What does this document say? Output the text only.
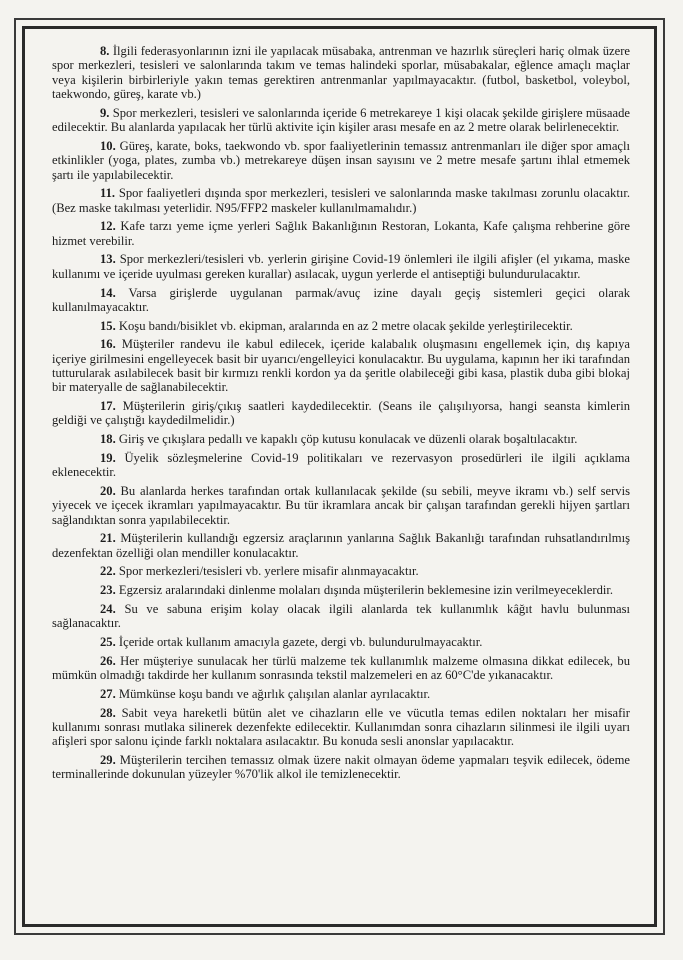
8. İlgili federasyonlarının izni ile yapılacak müsabaka, antrenman ve hazırlık süreçleri hariç olmak üzere spor merkezleri, tesisleri ve salonlarında takım ve temas halindeki sporlar, müsabakalar, eğlence amaçlı maçlar veya kişilerin birbirleriyle yakın temas gerektiren antrenmanlar yapılmayacaktır. (futbol, basketbol, voleybol, taekwondo, güreş, karate vb.)

9. Spor merkezleri, tesisleri ve salonlarında içeride 6 metrekareye 1 kişi olacak şekilde girişlere müsaade edilecektir. Bu alanlarda yapılacak her türlü aktivite için kişiler arası mesafe en az 2 metre olarak belirlenecektir.

10. Güreş, karate, boks, taekwondo vb. spor faaliyetlerinin temassız antrenmanları ile diğer spor amaçlı etkinlikler (yoga, plates, zumba vb.) metrekareye düşen insan sayısını ve 2 metre mesafe şartını ihlal etmemek şartı ile yapılabilecektir.

11. Spor faaliyetleri dışında spor merkezleri, tesisleri ve salonlarında maske takılması zorunlu olacaktır. (Bez maske takılması yeterlidir. N95/FFP2 maskeler kullanılmamalıdır.)

12. Kafe tarzı yeme içme yerleri Sağlık Bakanlığının Restoran, Lokanta, Kafe çalışma rehberine göre hizmet verebilir.

13. Spor merkezleri/tesisleri vb. yerlerin girişine Covid-19 önlemleri ile ilgili afişler (el yıkama, maske kullanımı ve içeride uyulması gereken kurallar) asılacak, uygun yerlerde el antiseptiği bulundurulacaktır.

14. Varsa girişlerde uygulanan parmak/avuç izine dayalı geçiş sistemleri geçici olarak kullanılmayacaktır.

15. Koşu bandı/bisiklet vb. ekipman, aralarında en az 2 metre olacak şekilde yerleştirilecektir.

16. Müşteriler randevu ile kabul edilecek, içeride kalabalık oluşmasını engellemek için, dış kapıya içeriye girilmesini engelleyecek basit bir uyarıcı/engelleyici konulacaktır. Bu uygulama, kapının her iki tarafından tutturularak asılabilecek basit bir kırmızı renkli kordon ya da şeritle olabileceği gibi kasa, plastik duba gibi blokaj bir materyalle de sağlanabilecektir.

17. Müşterilerin giriş/çıkış saatleri kaydedilecektir. (Seans ile çalışılıyorsa, hangi seansta kimlerin geldiği ve çalıştığı kaydedilmelidir.)

18. Giriş ve çıkışlara pedallı ve kapaklı çöp kutusu konulacak ve düzenli olarak boşaltılacaktır.

19. Üyelik sözleşmelerine Covid-19 politikaları ve rezervasyon prosedürleri ile ilgili açıklama eklenecektir.

20. Bu alanlarda herkes tarafından ortak kullanılacak şekilde (su sebili, meyve ikramı vb.) self servis yiyecek ve içecek ikramları yapılmayacaktır. Bu tür ikramlara ancak bir çalışan tarafından gerekli hijyen şartları sağlandıktan sonra yapılabilecektir.

21. Müşterilerin kullandığı egzersiz araçlarının yanlarına Sağlık Bakanlığı tarafından ruhsatlandırılmış dezenfektan özelliği olan mendiller konulacaktır.

22. Spor merkezleri/tesisleri vb. yerlere misafir alınmayacaktır.

23. Egzersiz aralarındaki dinlenme molaları dışında müşterilerin beklemesine izin verilmeyeceklerdir.

24. Su ve sabuna erişim kolay olacak ilgili alanlarda tek kullanımlık kâğıt havlu bulunması sağlanacaktır.

25. İçeride ortak kullanım amacıyla gazete, dergi vb. bulundurulmayacaktır.

26. Her müşteriye sunulacak her türlü malzeme tek kullanımlık malzeme olmasına dikkat edilecek, bu mümkün olmadığı takdirde her kullanım sonrasında tekstil malzemeleri en az 60°C'de yıkanacaktır.

27. Mümkünse koşu bandı ve ağırlık çalışılan alanlar ayrılacaktır.

28. Sabit veya hareketli bütün alet ve cihazların elle ve vücutla temas edilen noktaları her misafir kullanımı sonrası mutlaka silinerek dezenfekte edilecektir. Kullanımdan sonra cihazların silinmesi ile ilgili uyarı afişleri spor salonu içinde farklı noktalara asılacaktır. Bu konuda sesli anonslar yapılacaktır.

29. Müşterilerin tercihen temassız olmak üzere nakit olmayan ödeme yapmaları teşvik edilecek, ödeme terminallerinde dokunulan yüzeyler %70'lik alkol ile temizlenecektir.
